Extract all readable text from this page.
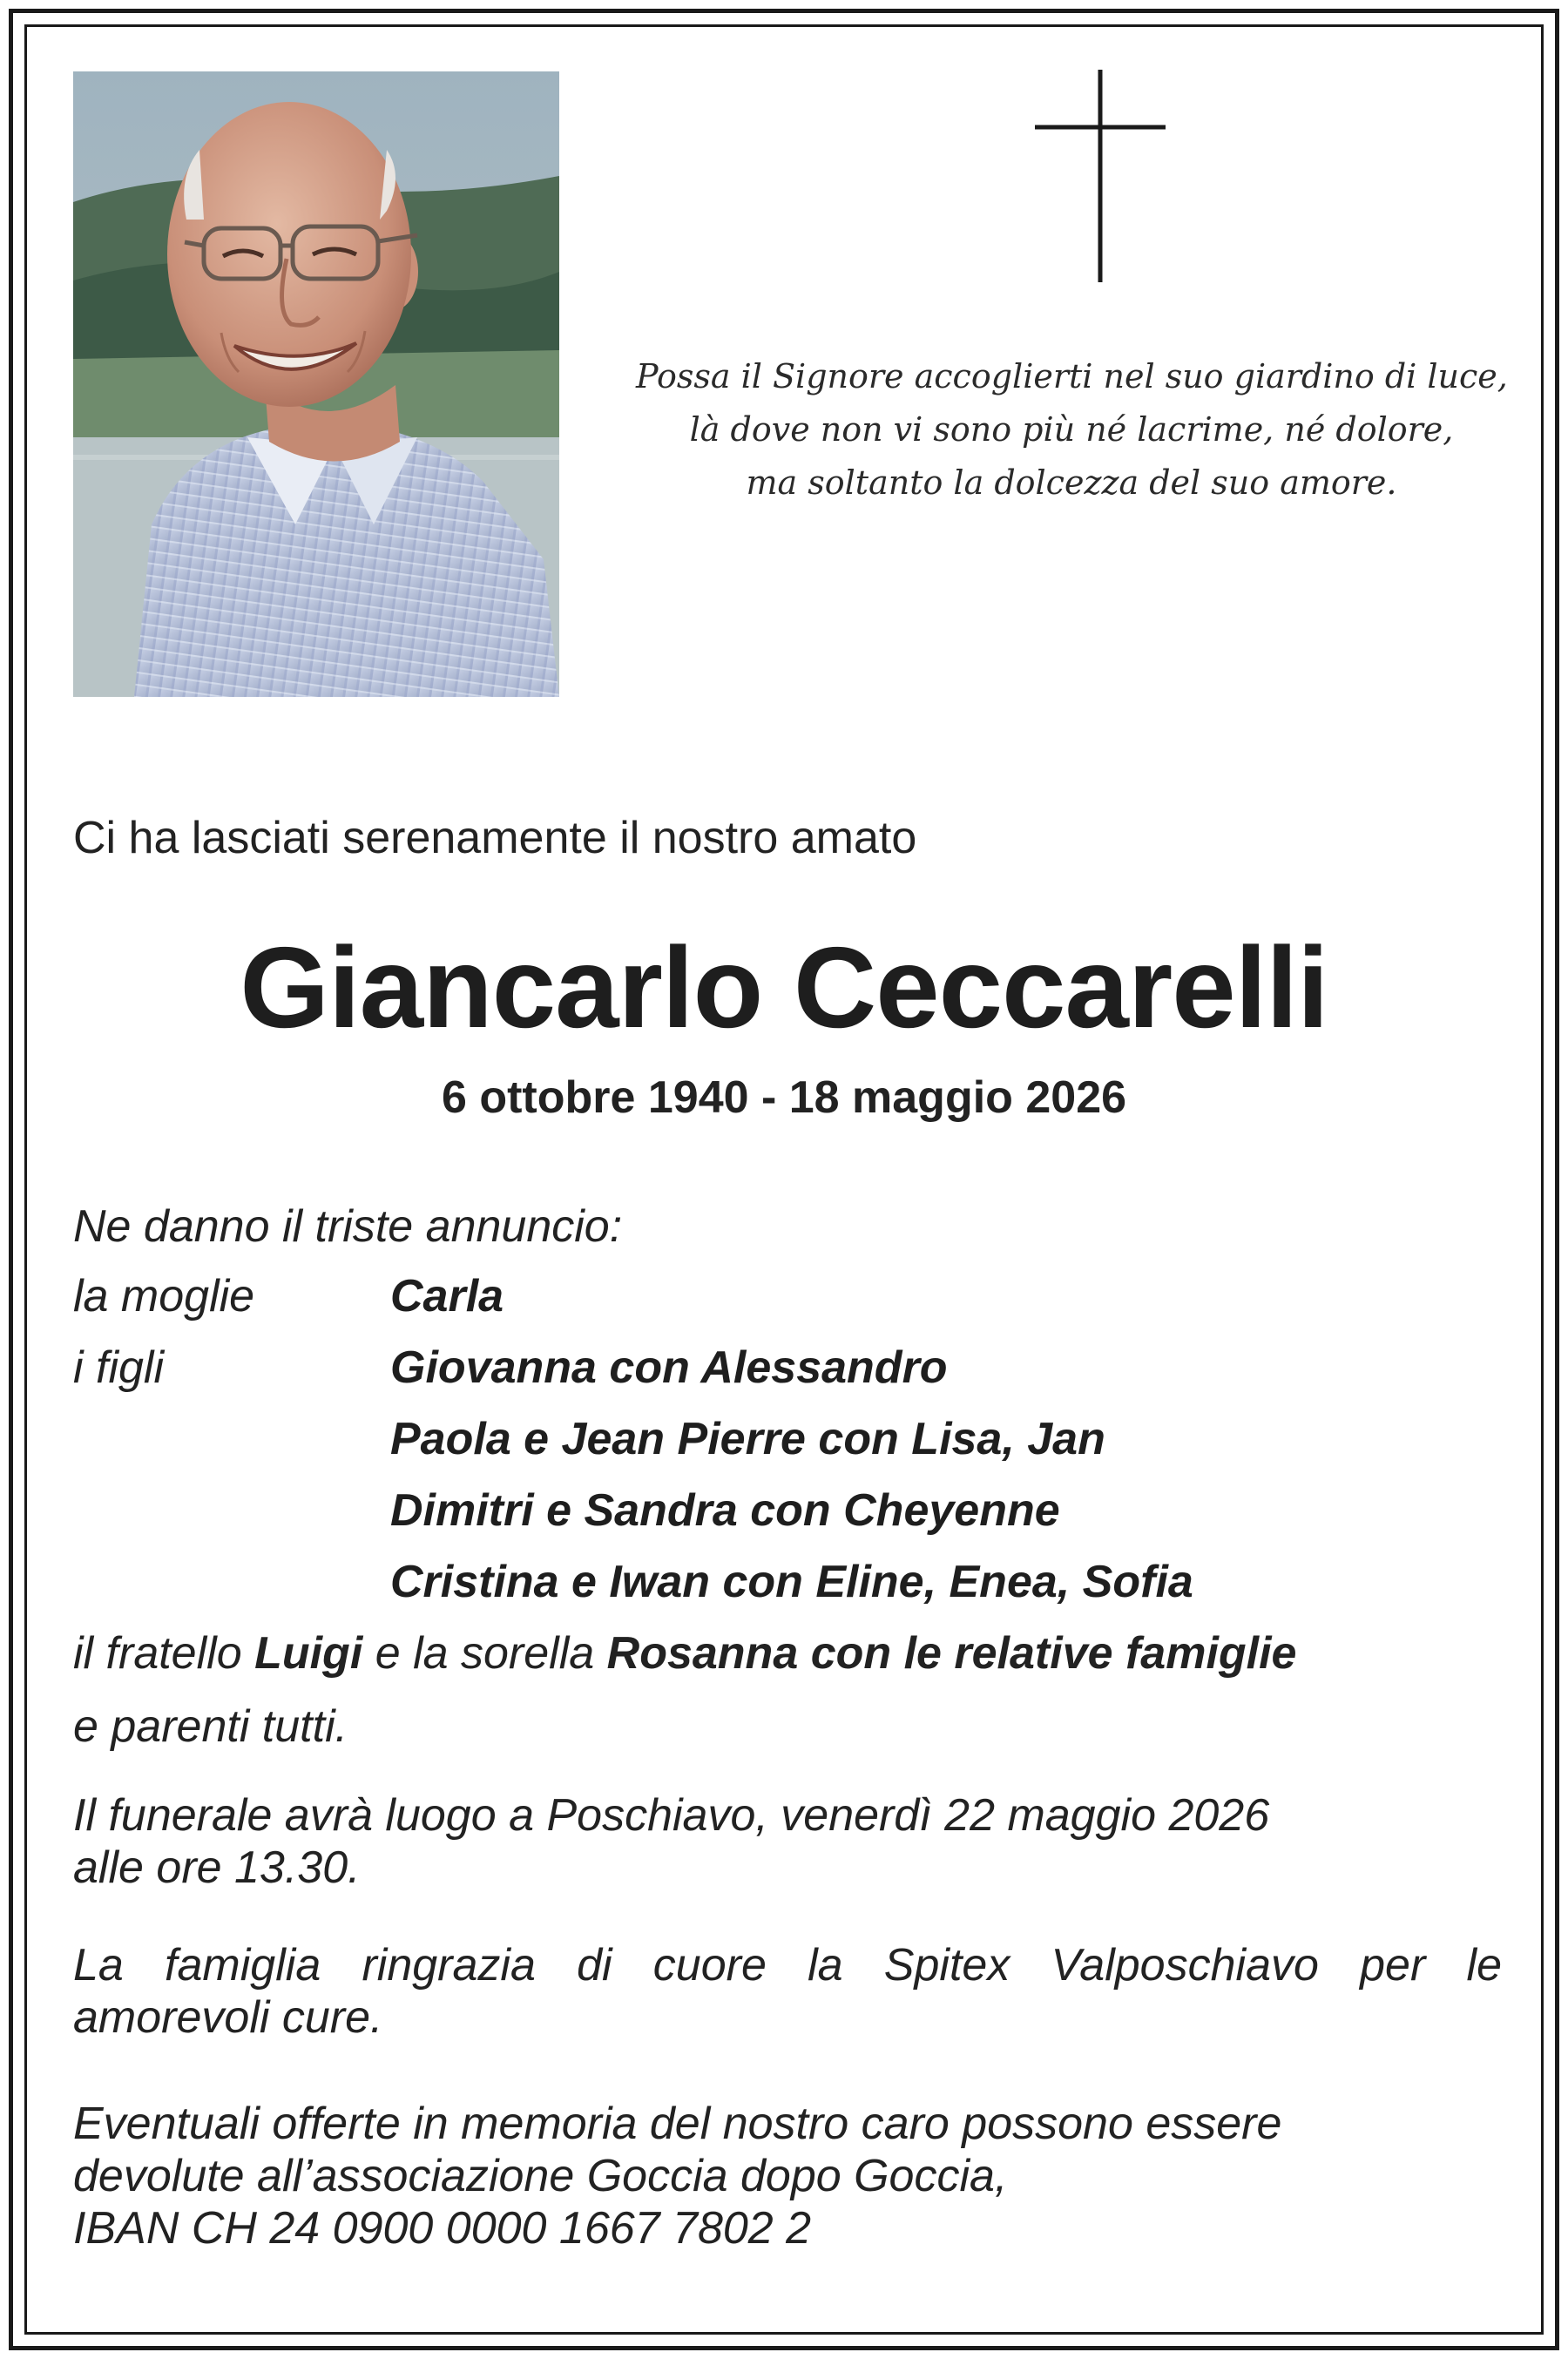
Possa il Signore accoglierti nel suo giardino di luce,
là dove non vi sono più né lacrime, né dolore,
ma soltanto la dolcezza del suo amore.
Ci ha lasciati serenamente il nostro amato
Giancarlo Ceccarelli
6 ottobre 1940 - 18 maggio 2026
Ne danno il triste annuncio:
la moglie	Carla
i figli	Giovanna con Alessandro
Paola e Jean Pierre con Lisa, Jan
Dimitri e Sandra con Cheyenne
Cristina e Iwan con Eline, Enea, Sofia
il fratello Luigi e la sorella Rosanna con le relative famiglie
e parenti tutti.
Il funerale avrà luogo a Poschiavo, venerdì 22 maggio 2026
alle ore 13.30.
La famiglia ringrazia di cuore la Spitex Valposchiavo per le
amorevoli cure.
Eventuali offerte in memoria del nostro caro possono essere
devolute all’associazione Goccia dopo Goccia,
IBAN CH 24 0900 0000 1667 7802 2
